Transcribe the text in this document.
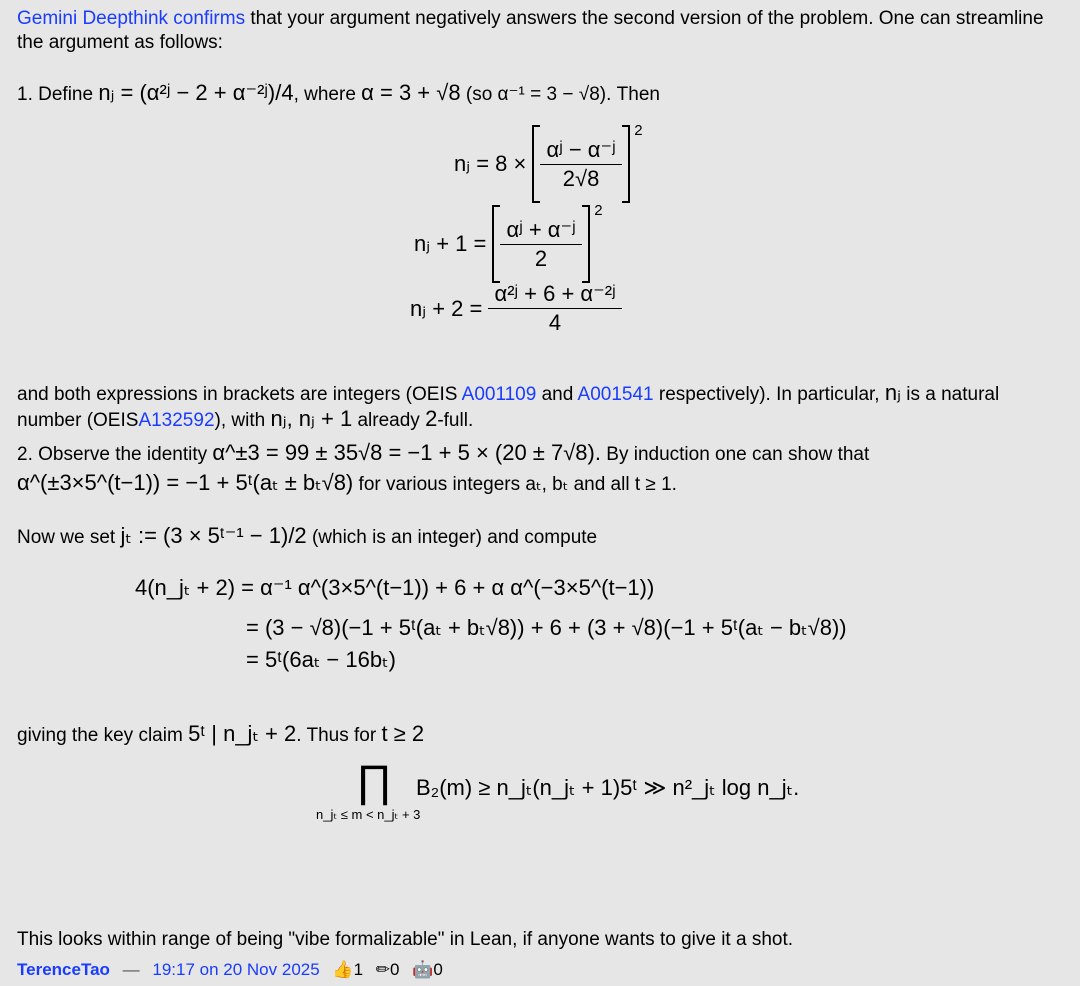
Gemini Deepthink confirms that your argument negatively answers the second version of the problem. One can streamline the argument as follows:
1. Define nⱼ = (α²ʲ − 2 + α⁻²ʲ)/4, where α = 3 + √8 (so α⁻¹ = 3 − √8). Then
nⱼ = 8 ×
$\frac{\text{αʲ − α⁻ʲ}}{2√8}$
2
nⱼ + 1 =
$\frac{\text{αʲ + α⁻ʲ}}{2}$
2
nⱼ + 2 =
$\frac{\text{α²ʲ + 6 + α⁻²ʲ}}{4}$
and both expressions in brackets are integers (OEIS A001109 and A001541 respectively). In particular, nⱼ is a natural number (OEISA132592), with nⱼ, nⱼ + 1 already 2-full.
2. Observe the identity α^±3 = 99 ± 35√8 = −1 + 5 × (20 ± 7√8). By induction one can show that
α^(±3×5^(t−1)) = −1 + 5ᵗ(aₜ ± bₜ√8) for various integers aₜ, bₜ and all t ≥ 1.
Now we set jₜ := (3 × 5ᵗ⁻¹ − 1)/2 (which is an integer) and compute
4(n_jₜ + 2) = α⁻¹ α^(3×5^(t−1)) + 6 + α α^(−3×5^(t−1))
= (3 − √8)(−1 + 5ᵗ(aₜ + bₜ√8)) + 6 + (3 + √8)(−1 + 5ᵗ(aₜ − bₜ√8))
= 5ᵗ(6aₜ − 16bₜ)
giving the key claim 5ᵗ | n_jₜ + 2. Thus for t ≥ 2
∏
n_jₜ ≤ m < n_jₜ + 3
B₂(m) ≥ n_jₜ(n_jₜ + 1)5ᵗ ≫ n²_jₜ log n_jₜ.
This looks within range of being "vibe formalizable" in Lean, if anyone wants to give it a shot.
TerenceTao — 19:17 on 20 Nov 2025 👍1 ✏0 🤖0
